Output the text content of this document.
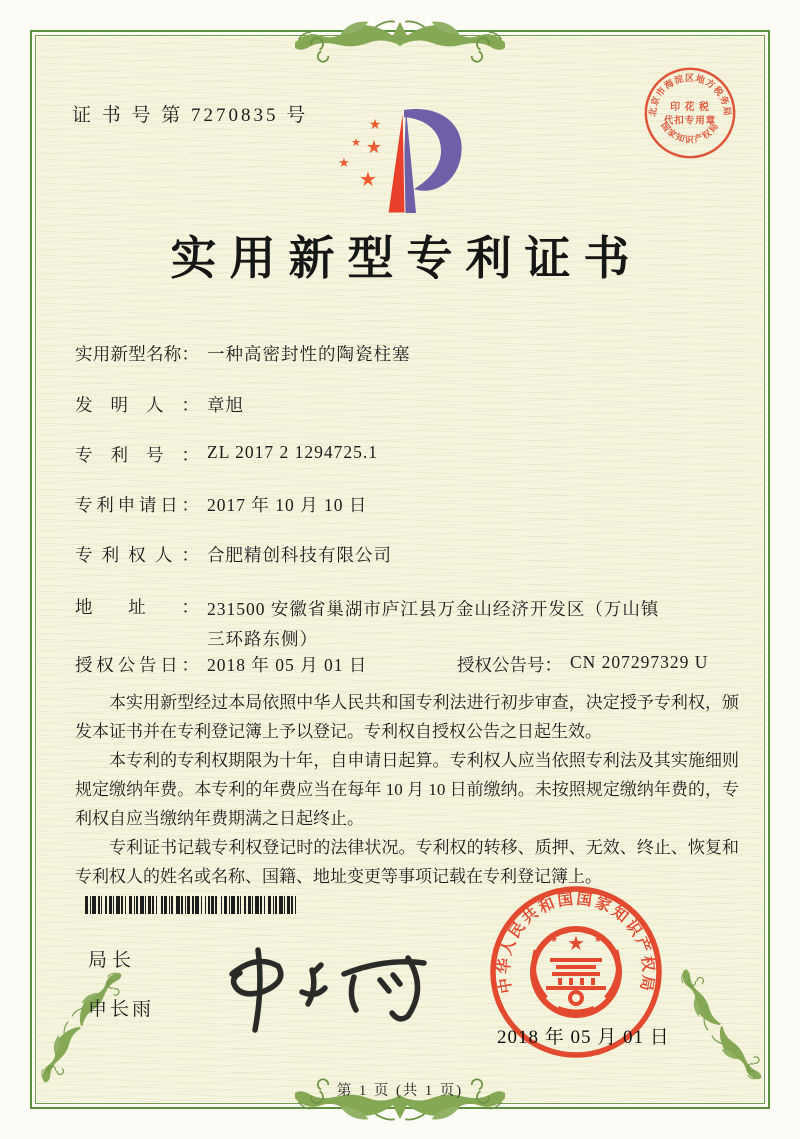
证 书 号 第 7270835 号	北京市海淀区地方税务局
国家知识产权局
印 花 税
代扣专用章
★
★ ★
★
★
实用新型专利证书
实用新型名称： 一种高密封性的陶瓷柱塞
发明人： 章旭
专利号： ZL 2017 2 1294725.1
专利申请日： 2017 年 10 月 10 日
专利权人： 合肥精创科技有限公司
地址： 231500 安徽省巢湖市庐江县万金山经济开发区（万山镇
三环路东侧）
授权公告日： 2018 年 05 月 01 日	授权公告号： CN 207297329 U

本实用新型经过本局依照中华人民共和国专利法进行初步审查，决定授予专利权，颁发本证书并在专利登记簿上予以登记。专利权自授权公告之日起生效。

本专利的专利权期限为十年，自申请日起算。专利权人应当依照专利法及其实施细则规定缴纳年费。本专利的年费应当在每年 10 月 10 日前缴纳。未按照规定缴纳年费的，专利权自应当缴纳年费期满之日起终止。

专利证书记载专利权登记时的法律状况。专利权的转移、质押、无效、终止、恢复和专利权人的姓名或名称、国籍、地址变更等事项记载在专利登记簿上。

局长
申长雨
中华人民共和国国家知识产权局
★
★
★ ★
★
2018 年 05 月 01 日
第 1 页 (共 1 页)
